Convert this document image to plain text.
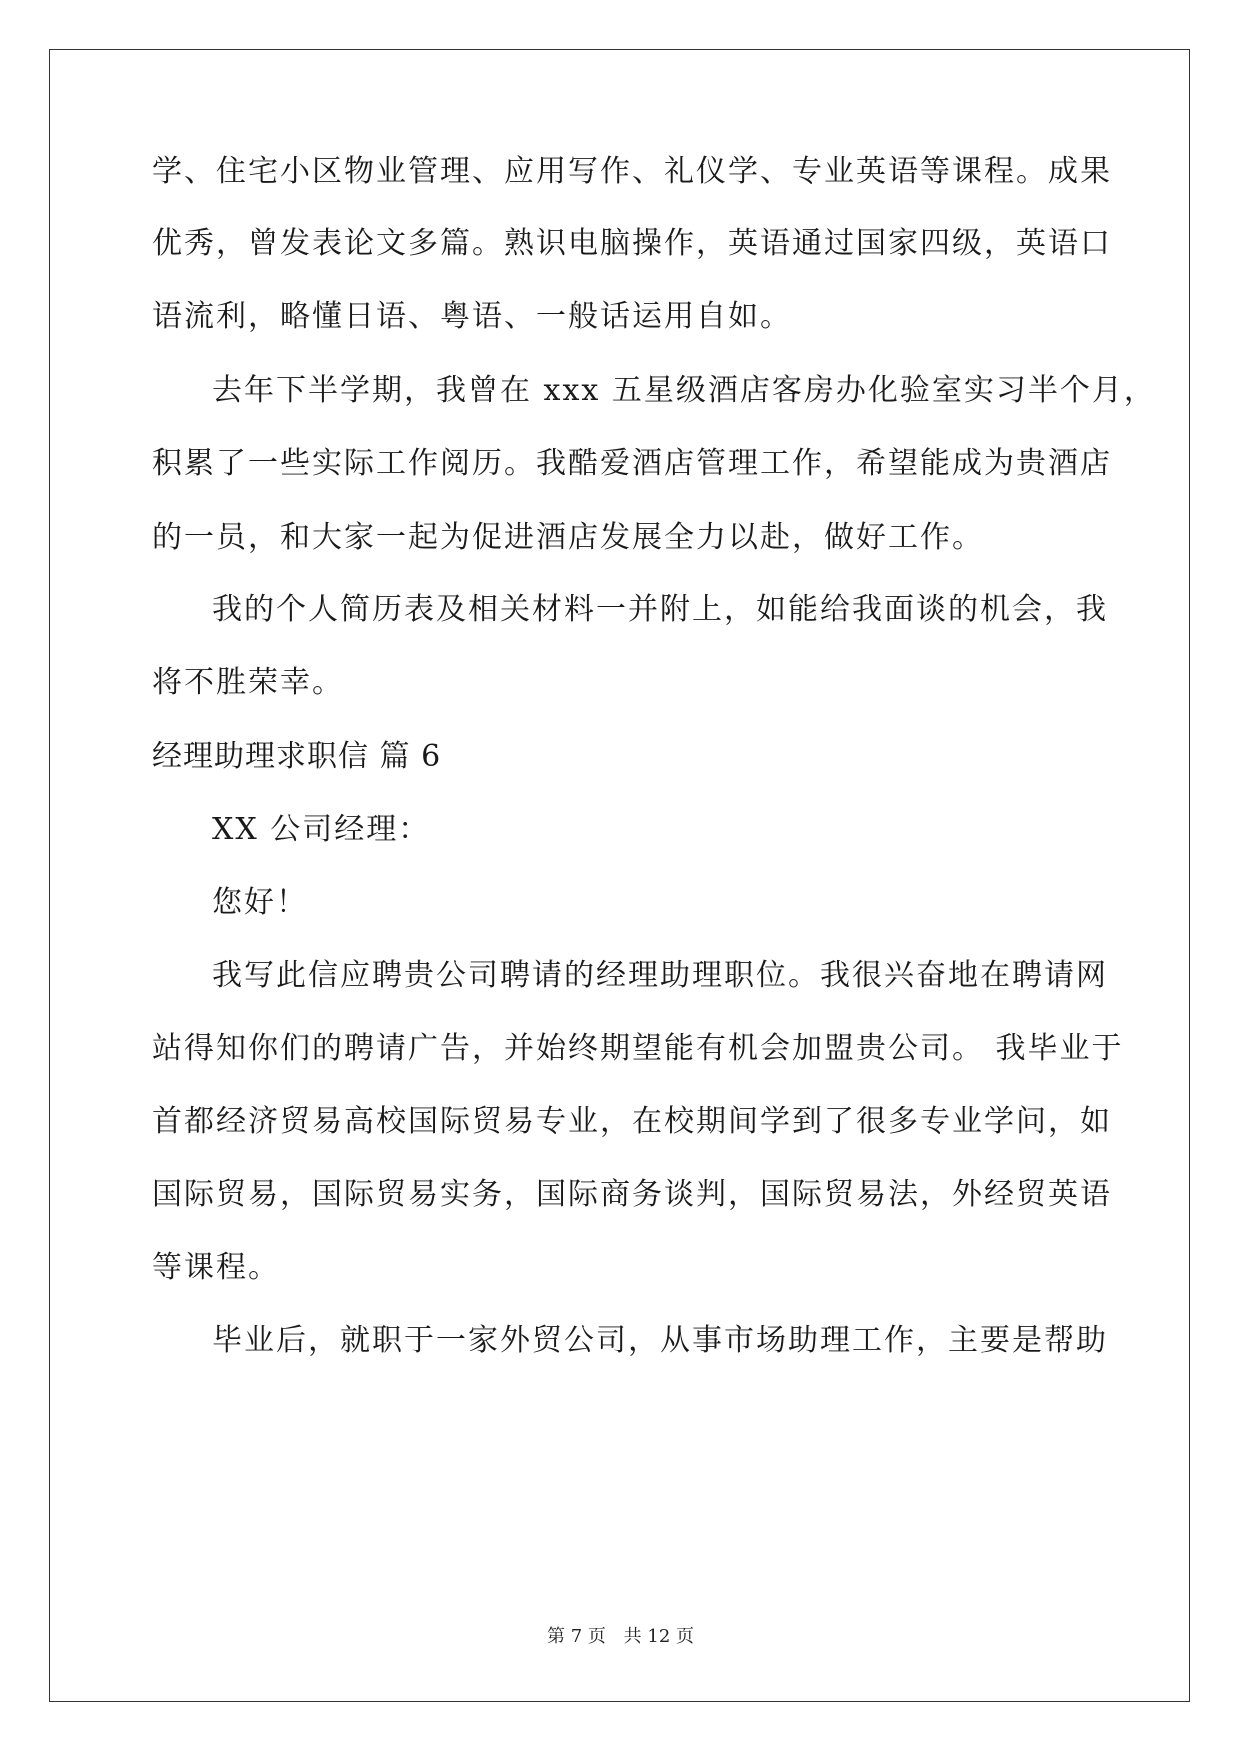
学、住宅小区物业管理、应用写作、礼仪学、专业英语等课程。成果
优秀，曾发表论文多篇。熟识电脑操作，英语通过国家四级，英语口
语流利，略懂日语、粤语、一般话运用自如。
去年下半学期，我曾在 xxx 五星级酒店客房办化验室实习半个月，
积累了一些实际工作阅历。我酷爱酒店管理工作，希望能成为贵酒店
的一员，和大家一起为促进酒店发展全力以赴，做好工作。
我的个人简历表及相关材料一并附上，如能给我面谈的机会，我
将不胜荣幸。
经理助理求职信 篇 6
XX 公司经理：
您好！
我写此信应聘贵公司聘请的经理助理职位。我很兴奋地在聘请网
站得知你们的聘请广告，并始终期望能有机会加盟贵公司。 我毕业于
首都经济贸易高校国际贸易专业，在校期间学到了很多专业学问，如
国际贸易，国际贸易实务，国际商务谈判，国际贸易法，外经贸英语
等课程。
毕业后，就职于一家外贸公司，从事市场助理工作，主要是帮助
第 7 页 共 12 页
